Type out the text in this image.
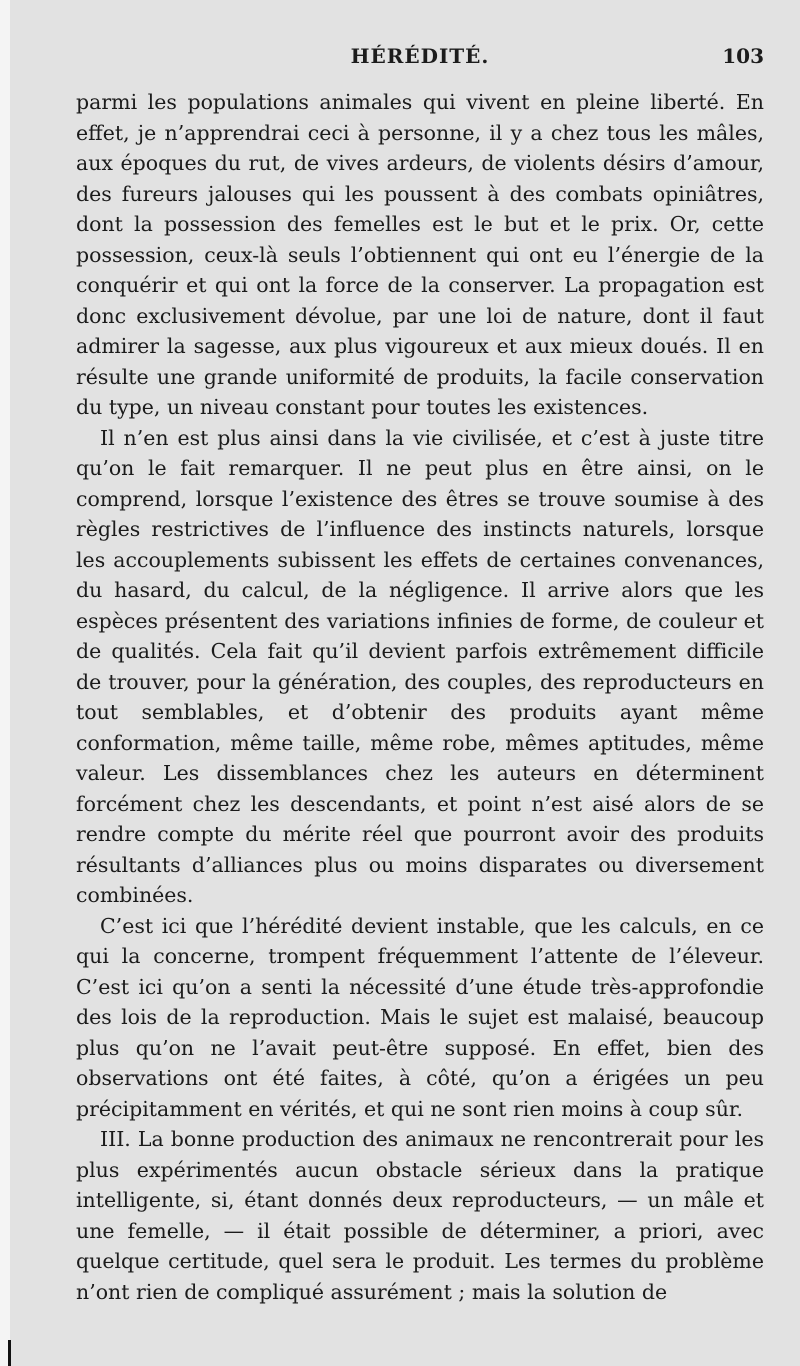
HÉRÉDITÉ.	103

parmi les populations animales qui vivent en pleine liberté. En effet, je n’apprendrai ceci à personne, il y a chez tous les mâles, aux époques du rut, de vives ardeurs, de violents désirs d’amour, des fureurs jalouses qui les poussent à des combats opiniâtres, dont la possession des femelles est le but et le prix. Or, cette possession, ceux-là seuls l’obtiennent qui ont eu l’énergie de la conquérir et qui ont la force de la conserver. La propagation est donc exclusivement dévolue, par une loi de nature, dont il faut admirer la sagesse, aux plus vigoureux et aux mieux doués. Il en résulte une grande uniformité de produits, la facile conservation du type, un niveau constant pour toutes les existences.

Il n’en est plus ainsi dans la vie civilisée, et c’est à juste titre qu’on le fait remarquer. Il ne peut plus en être ainsi, on le comprend, lorsque l’existence des êtres se trouve soumise à des règles restrictives de l’influence des instincts naturels, lorsque les accouplements subissent les effets de certaines convenances, du hasard, du calcul, de la négligence. Il arrive alors que les espèces présentent des variations infinies de forme, de couleur et de qualités. Cela fait qu’il devient parfois extrêmement difficile de trouver, pour la génération, des couples, des reproducteurs en tout semblables, et d’obtenir des produits ayant même conformation, même taille, même robe, mêmes aptitudes, même valeur. Les dissemblances chez les auteurs en déterminent forcément chez les descendants, et point n’est aisé alors de se rendre compte du mérite réel que pourront avoir des produits résultants d’alliances plus ou moins disparates ou diversement combinées.

C’est ici que l’hérédité devient instable, que les calculs, en ce qui la concerne, trompent fréquemment l’attente de l’éleveur. C’est ici qu’on a senti la nécessité d’une étude très-approfondie des lois de la reproduction. Mais le sujet est malaisé, beaucoup plus qu’on ne l’avait peut-être supposé. En effet, bien des observations ont été faites, à côté, qu’on a érigées un peu précipitamment en vérités, et qui ne sont rien moins à coup sûr.

III. La bonne production des animaux ne rencontrerait pour les plus expérimentés aucun obstacle sérieux dans la pratique intelligente, si, étant donnés deux reproducteurs, — un mâle et une femelle, — il était possible de déterminer, a priori, avec quelque certitude, quel sera le produit. Les termes du problème n’ont rien de compliqué assurément ; mais la solution de
